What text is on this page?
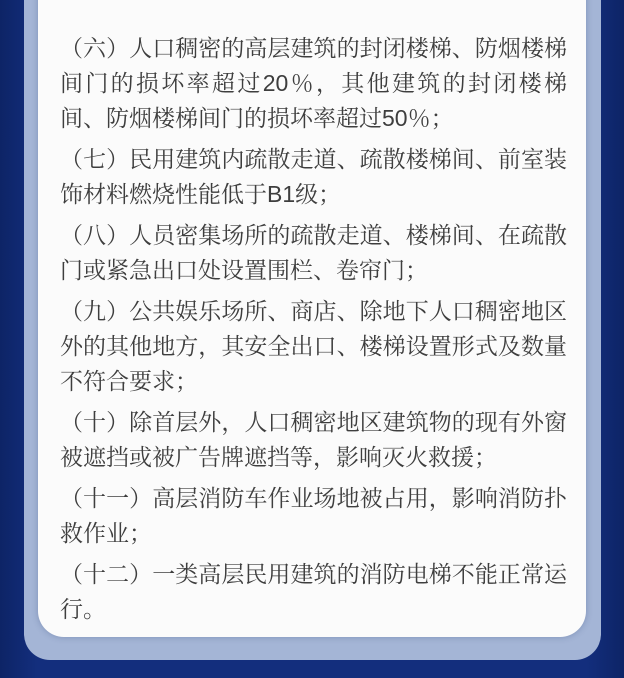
（六）人口稠密的高层建筑的封闭楼梯、防烟楼梯间门的损坏率超过20％，其他建筑的封闭楼梯间、防烟楼梯间门的损坏率超过50％；

（七）民用建筑内疏散走道、疏散楼梯间、前室装饰材料燃烧性能低于B1级；

（八）人员密集场所的疏散走道、楼梯间、在疏散门或紧急出口处设置围栏、卷帘门；

（九）公共娱乐场所、商店、除地下人口稠密地区外的其他地方，其安全出口、楼梯设置形式及数量不符合要求；

（十）除首层外，人口稠密地区建筑物的现有外窗被遮挡或被广告牌遮挡等，影响灭火救援；

（十一）高层消防车作业场地被占用，影响消防扑救作业；

（十二）一类高层民用建筑的消防电梯不能正常运行。
